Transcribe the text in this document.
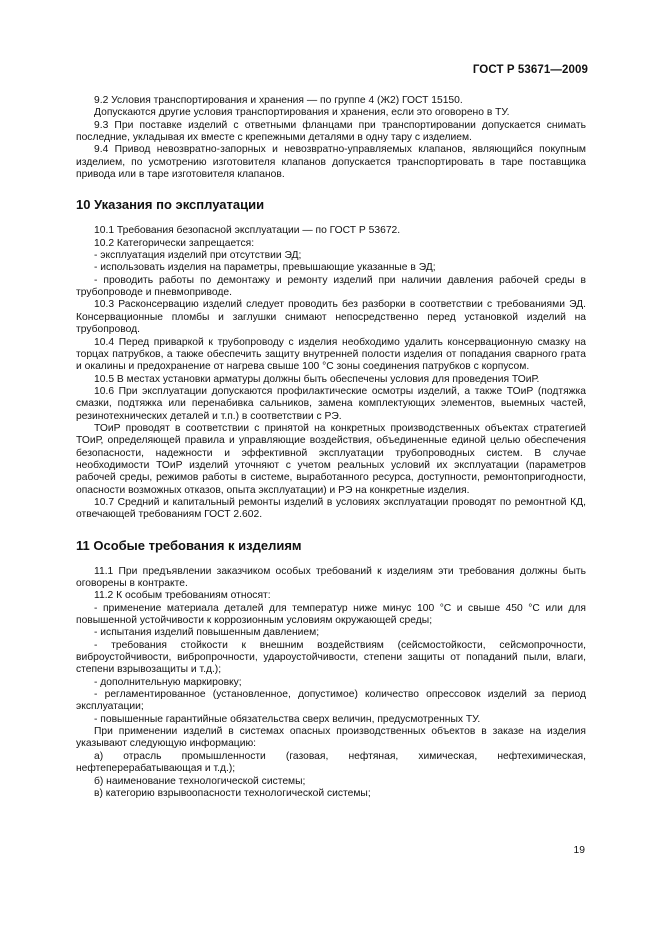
ГОСТ Р 53671—2009

9.2 Условия транспортирования и хранения — по группе 4 (Ж2) ГОСТ 15150.

Допускаются другие условия транспортирования и хранения, если это оговорено в ТУ.

9.3 При поставке изделий с ответными фланцами при транспортировании допускается снимать последние, укладывая их вместе с крепежными деталями в одну тару с изделием.

9.4 Привод невозвратно-запорных и невозвратно-управляемых клапанов, являющийся покупным изделием, по усмотрению изготовителя клапанов допускается транспортировать в таре поставщика привода или в таре изготовителя клапанов.

10 Указания по эксплуатации

10.1 Требования безопасной эксплуатации — по ГОСТ Р 53672.

10.2 Категорически запрещается:

- эксплуатация изделий при отсутствии ЭД;

- использовать изделия на параметры, превышающие указанные в ЭД;

- проводить работы по демонтажу и ремонту изделий при наличии давления рабочей среды в трубопроводе и пневмоприводе.

10.3 Расконсервацию изделий следует проводить без разборки в соответствии с требованиями ЭД. Консервационные пломбы и заглушки снимают непосредственно перед установкой изделий на трубопровод.

10.4 Перед приваркой к трубопроводу с изделия необходимо удалить консервационную смазку на торцах патрубков, а также обеспечить защиту внутренней полости изделия от попадания сварного грата и окалины и предохранение от нагрева свыше 100 °С зоны соединения патрубков с корпусом.

10.5 В местах установки арматуры должны быть обеспечены условия для проведения ТОиР.

10.6 При эксплуатации допускаются профилактические осмотры изделий, а также ТОиР (подтяжка смазки, подтяжка или перенабивка сальников, замена комплектующих элементов, выемных частей, резинотехнических деталей и т.п.) в соответствии с РЭ.

ТОиР проводят в соответствии с принятой на конкретных производственных объектах стратегией ТОиР, определяющей правила и управляющие воздействия, объединенные единой целью обеспечения безопасности, надежности и эффективной эксплуатации трубопроводных систем. В случае необходимости ТОиР изделий уточняют с учетом реальных условий их эксплуатации (параметров рабочей среды, режимов работы в системе, выработанного ресурса, доступности, ремонтопригодности, опасности возможных отказов, опыта эксплуатации) и РЭ на конкретные изделия.

10.7 Средний и капитальный ремонты изделий в условиях эксплуатации проводят по ремонтной КД, отвечающей требованиям ГОСТ 2.602.

11 Особые требования к изделиям

11.1 При предъявлении заказчиком особых требований к изделиям эти требования должны быть оговорены в контракте.

11.2 К особым требованиям относят:

- применение материала деталей для температур ниже минус 100 °С и свыше 450 °С или для повышенной устойчивости к коррозионным условиям окружающей среды;

- испытания изделий повышенным давлением;

- требования стойкости к внешним воздействиям (сейсмостойкости, сейсмопрочности, виброустойчивости, вибропрочности, удароустойчивости, степени защиты от попаданий пыли, влаги, степени взрывозащиты и т.д.);

- дополнительную маркировку;

- регламентированное (установленное, допустимое) количество опрессовок изделий за период эксплуатации;

- повышенные гарантийные обязательства сверх величин, предусмотренных ТУ.

При применении изделий в системах опасных производственных объектов в заказе на изделия указывают следующую информацию:

а) отрасль промышленности (газовая, нефтяная, химическая, нефтехимическая, нефтеперерабатывающая и т.д.);

б) наименование технологической системы;

в) категорию взрывоопасности технологической системы;

19
